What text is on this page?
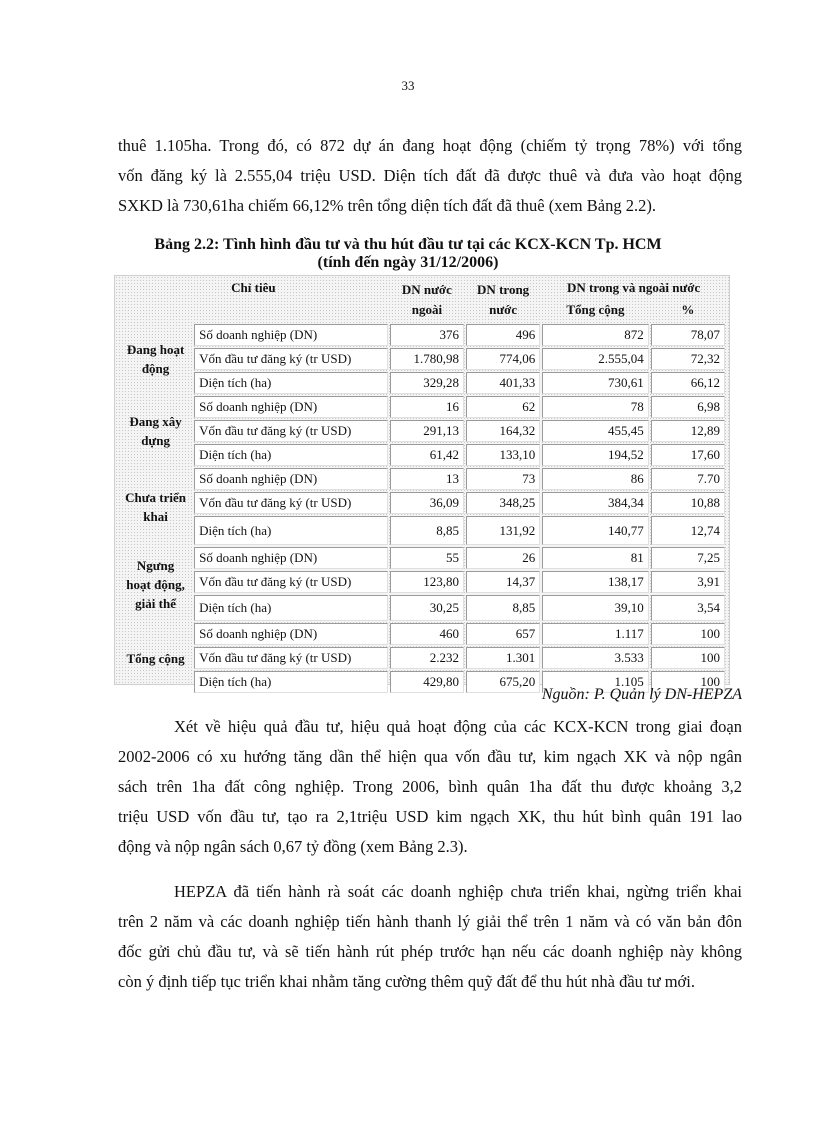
33
thuê 1.105ha. Trong đó, có 872 dự án đang hoạt động (chiếm tỷ trọng 78%) với tổng
vốn đăng ký là 2.555,04 triệu USD. Diện tích đất đã được thuê và đưa vào hoạt động
SXKD là 730,61ha chiếm 66,12% trên tổng diện tích đất đã thuê (xem Bảng 2.2).
Bảng 2.2: Tình hình đầu tư và thu hút đầu tư tại các KCX-KCN Tp. HCM
(tính đến ngày 31/12/2006)
Chỉ tiêu		DN nước ngoài	DN trong nước	DN trong và ngoài nước	
				Tổng cộng	%
Đang hoạt động	Số doanh nghiệp (DN)	376	496	872	78,07
	Vốn đầu tư đăng ký (tr USD)	1.780,98	774,06	2.555,04	72,32
	Diện tích (ha)	329,28	401,33	730,61	66,12
Đang xây dựng	Số doanh nghiệp (DN)	16	62	78	6,98
	Vốn đầu tư đăng ký (tr USD)	291,13	164,32	455,45	12,89
	Diện tích (ha)	61,42	133,10	194,52	17,60
Chưa triển khai	Số doanh nghiệp (DN)	13	73	86	7.70
	Vốn đầu tư đăng ký (tr USD)	36,09	348,25	384,34	10,88
	Diện tích (ha)	8,85	131,92	140,77	12,74
Ngưng hoạt động, giải thể	Số doanh nghiệp (DN)	55	26	81	7,25
	Vốn đầu tư đăng ký (tr USD)	123,80	14,37	138,17	3,91
	Diện tích (ha)	30,25	8,85	39,10	3,54
Tổng cộng	Số doanh nghiệp (DN)	460	657	1.117	100
	Vốn đầu tư đăng ký (tr USD)	2.232	1.301	3.533	100
	Diện tích (ha)	429,80	675,20	1.105	100
Nguồn: P. Quản lý DN-HEPZA
Xét về hiệu quả đầu tư, hiệu quả hoạt động của các KCX-KCN trong giai đoạn
2002-2006 có xu hướng tăng dần thể hiện qua vốn đầu tư, kim ngạch XK và nộp ngân
sách trên 1ha đất công nghiệp. Trong 2006, bình quân 1ha đất thu được khoảng 3,2
triệu USD vốn đầu tư, tạo ra 2,1triệu USD kim ngạch XK, thu hút bình quân 191 lao
động và nộp ngân sách 0,67 tỷ đồng (xem Bảng 2.3).
HEPZA đã tiến hành rà soát các doanh nghiệp chưa triển khai, ngừng triển khai
trên 2 năm và các doanh nghiệp tiến hành thanh lý giải thể trên 1 năm và có văn bản đôn
đốc gửi chủ đầu tư, và sẽ tiến hành rút phép trước hạn nếu các doanh nghiệp này không
còn ý định tiếp tục triển khai nhằm tăng cường thêm quỹ đất để thu hút nhà đầu tư mới.
